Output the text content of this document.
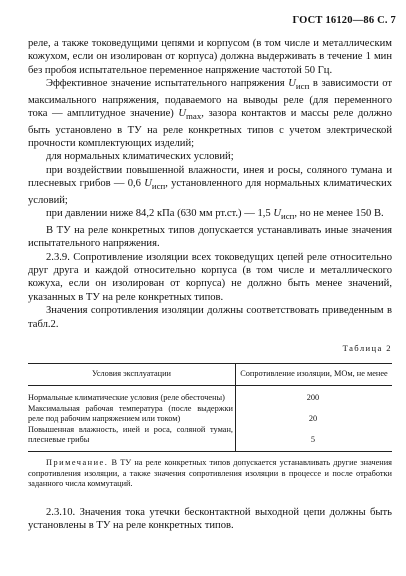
ГОСТ 16120—86 С. 7

реле, а также токоведущими цепями и корпусом (в том числе и металлическим кожухом, если он изолирован от корпуса) должна выдерживать в течение 1 мин без пробоя испытательное переменное напряжение частотой 50 Гц.

Эффективное значение испытательного напряжения $U_{исп}$ в зависимости от максимального напряжения, подаваемого на выводы реле (для переменного тока — амплитудное значение) $U_{max}$, зазора контактов и массы реле должно быть установлено в ТУ на реле конкретных типов с учетом электрической прочности комплектующих изделий;

для нормальных климатических условий;

при воздействии повышенной влажности, инея и росы, соляного тумана и плесневых грибов — 0,6 $U_{исп}$, установленного для нормальных климатических условий;

при давлении ниже 84,2 кПа (630 мм рт.ст.) — 1,5 $U_{исп}$, но не менее 150 В.

В ТУ на реле конкретных типов допускается устанавливать иные значения испытательного напряжения.

2.3.9. Сопротивление изоляции всех токоведущих цепей реле относительно друг друга и каждой относительно корпуса (в том числе и металлического кожуха, если он изолирован от корпуса) не должно быть менее значений, указанных в ТУ на реле конкретных типов.

Значения сопротивления изоляции должны соответствовать приведенным в табл.2.

Таблица 2
Условия эксплуатации	Сопротивление изоляции, МОм, не менее
Нормальные климатические условия (реле обесточены)	200
Максимальная рабочая температура (после выдержки реле под рабочим напряжением или током)	20
Повышенная влажность, иней и роса, соляной туман, плесневые грибы	5

Примечание. В ТУ на реле конкретных типов допускается устанавливать другие значения сопротивления изоляции, а также значения сопротивления изоляции в процессе и после отработки заданного числа коммутаций.

2.3.10. Значения тока утечки бесконтактной выходной цепи должны быть установлены в ТУ на реле конкретных типов.
